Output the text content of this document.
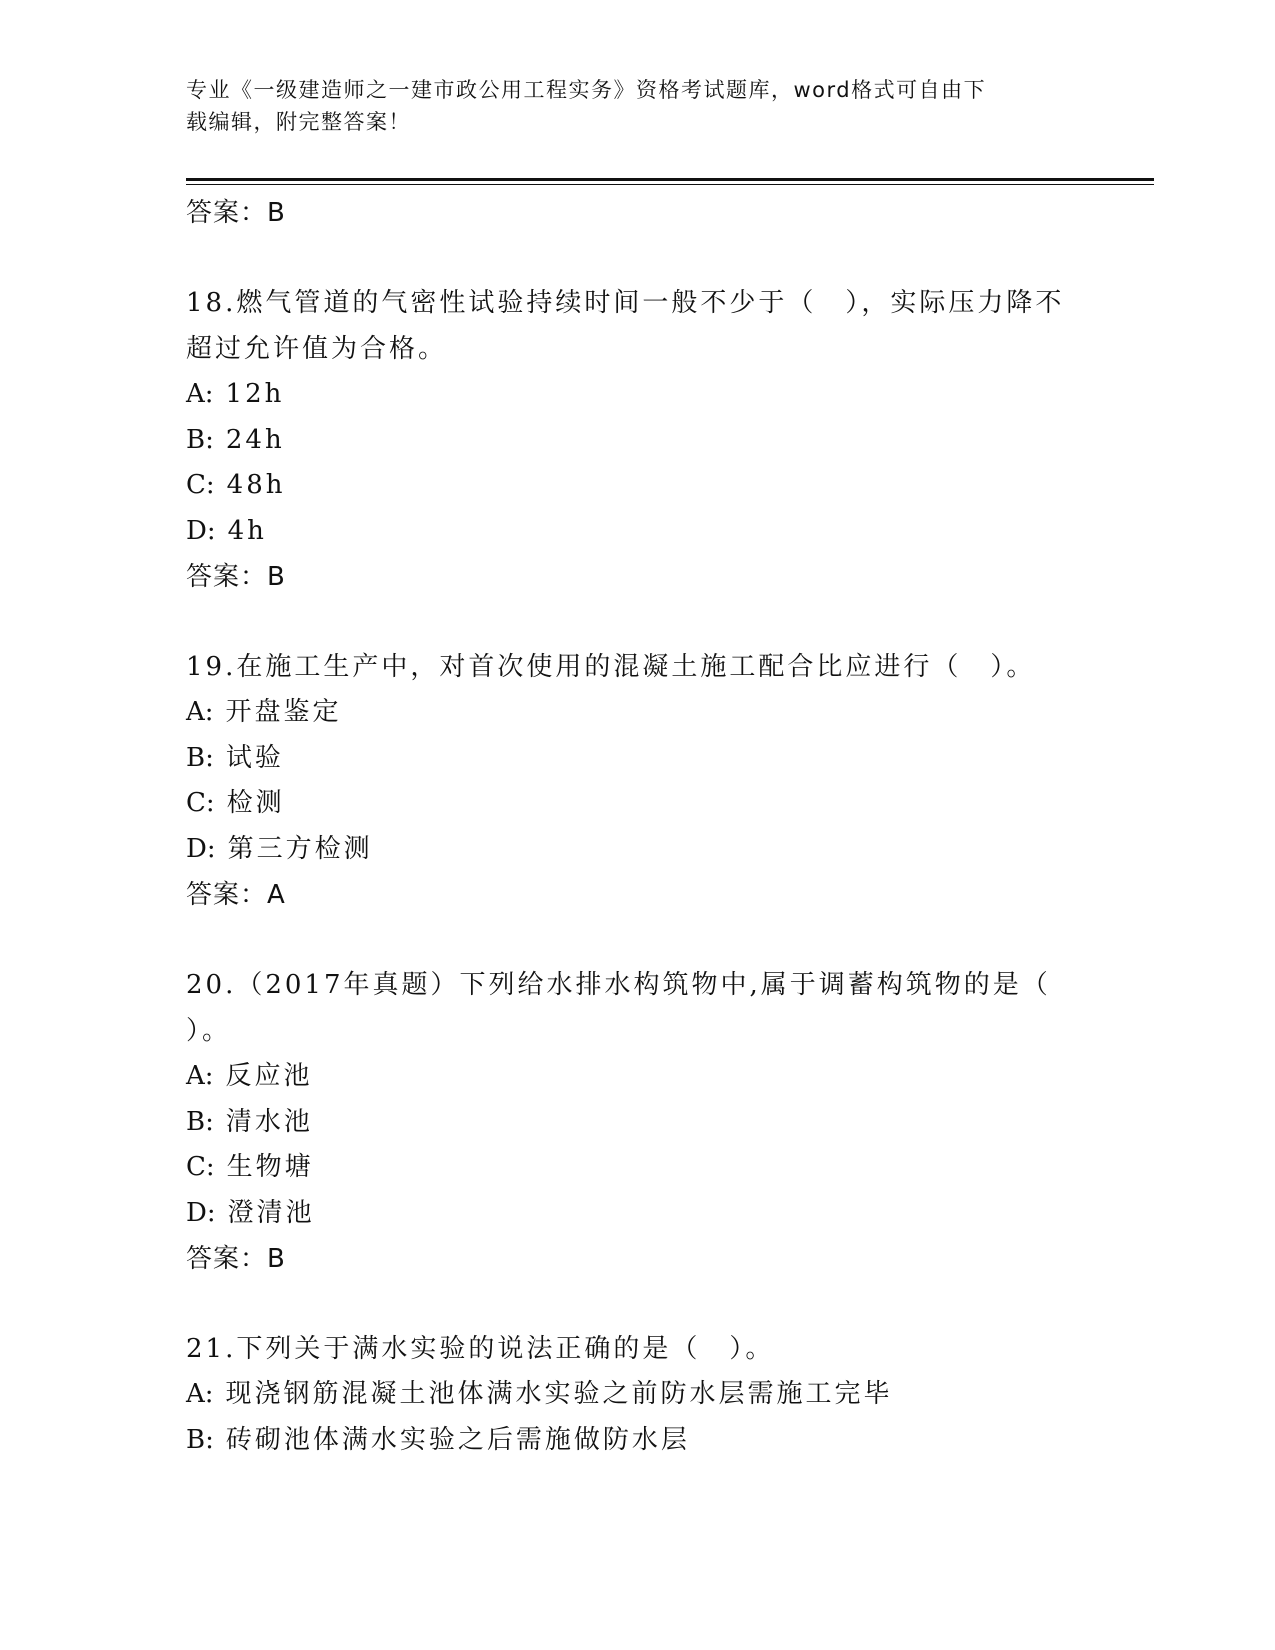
专业《一级建造师之一建市政公用工程实务》资格考试题库，word格式可自由下
载编辑，附完整答案！
答案：B
18.燃气管道的气密性试验持续时间一般不少于（　），实际压力降不
超过允许值为合格。
A: 12h
B: 24h
C: 48h
D: 4h
答案：B
19.在施工生产中，对首次使用的混凝土施工配合比应进行（　）。
A: 开盘鉴定
B: 试验
C: 检测
D: 第三方检测
答案：A
20.（2017年真题）下列给水排水构筑物中,属于调蓄构筑物的是（
）。
A: 反应池
B: 清水池
C: 生物塘
D: 澄清池
答案：B
21.下列关于满水实验的说法正确的是（　）。
A: 现浇钢筋混凝土池体满水实验之前防水层需施工完毕
B: 砖砌池体满水实验之后需施做防水层
